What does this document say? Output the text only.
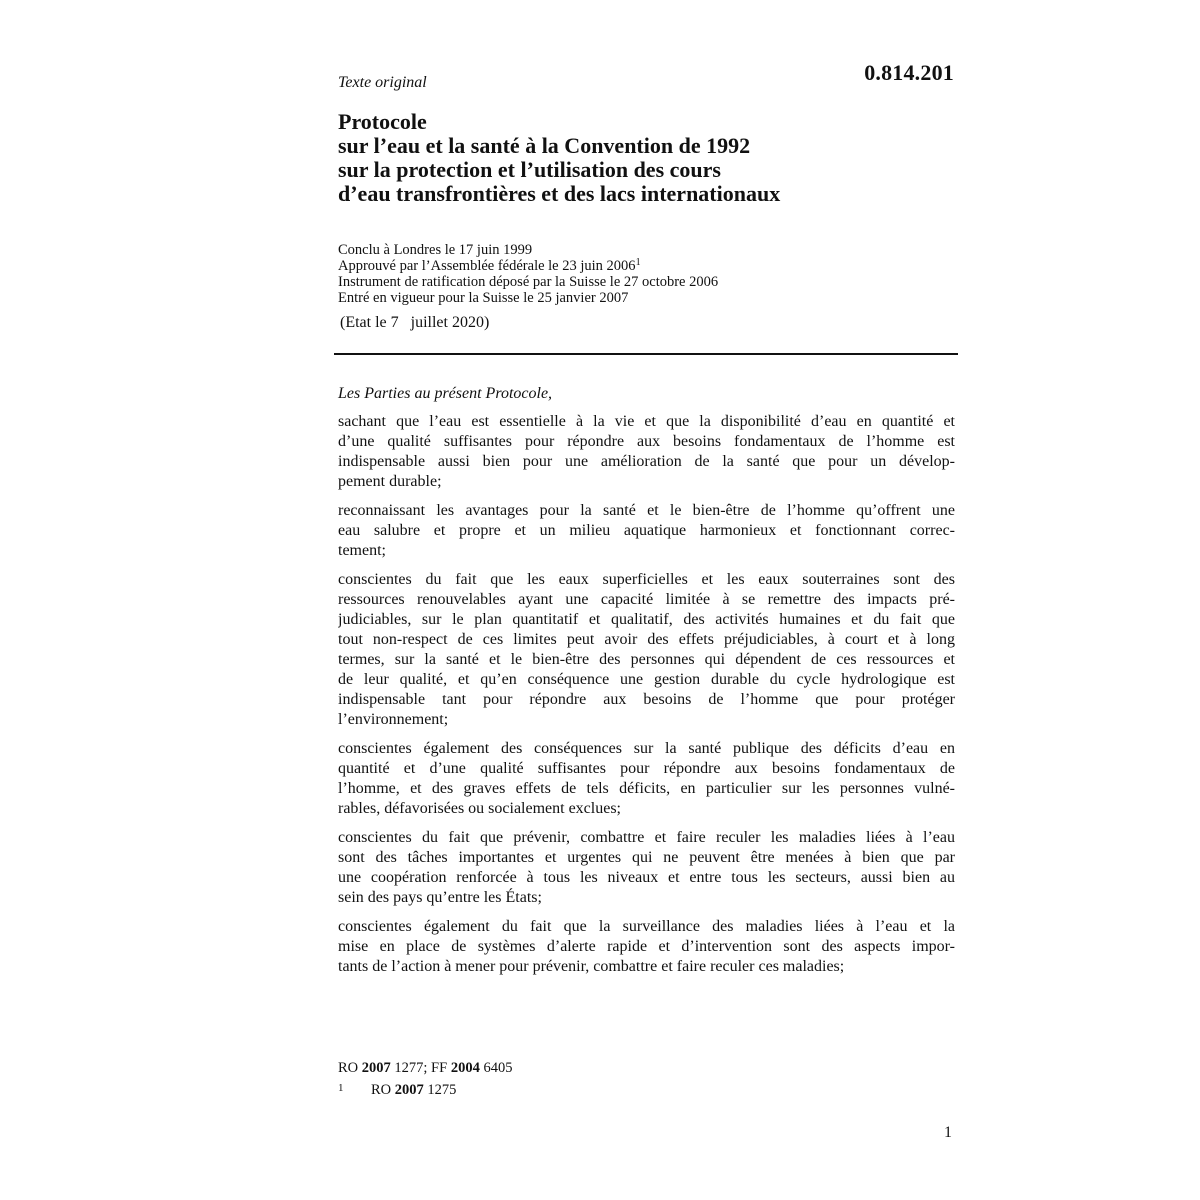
0.814.201
Texte original
Protocole
sur l’eau et la santé à la Convention de 1992
sur la protection et l’utilisation des cours
d’eau transfrontières et des lacs internationaux
Conclu à Londres le 17 juin 1999
Approuvé par l’Assemblée fédérale le 23 juin 2006$^1$
Instrument de ratification déposé par la Suisse le 27 octobre 2006
Entré en vigueur pour la Suisse le 25 janvier 2007
(Etat le 7   juillet 2020)
Les Parties au présent Protocole,
sachant que l’eau est essentielle à la vie et que la disponibilité d’eau en quantité et
d’une qualité suffisantes pour répondre aux besoins fondamentaux de l’homme est
indispensable aussi bien pour une amélioration de la santé que pour un dévelop-
pement durable;
reconnaissant les avantages pour la santé et le bien-être de l’homme qu’offrent une
eau salubre et propre et un milieu aquatique harmonieux et fonctionnant correc-
tement;
conscientes du fait que les eaux superficielles et les eaux souterraines sont des
ressources renouvelables ayant une capacité limitée à se remettre des impacts pré-
judiciables, sur le plan quantitatif et qualitatif, des activités humaines et du fait que
tout non-respect de ces limites peut avoir des effets préjudiciables, à court et à long
termes, sur la santé et le bien-être des personnes qui dépendent de ces ressources et
de leur qualité, et qu’en conséquence une gestion durable du cycle hydrologique est
indispensable tant pour répondre aux besoins de l’homme que pour protéger
l’environnement;
conscientes également des conséquences sur la santé publique des déficits d’eau en
quantité et d’une qualité suffisantes pour répondre aux besoins fondamentaux de
l’homme, et des graves effets de tels déficits, en particulier sur les personnes vulné-
rables, défavorisées ou socialement exclues;
conscientes du fait que prévenir, combattre et faire reculer les maladies liées à l’eau
sont des tâches importantes et urgentes qui ne peuvent être menées à bien que par
une coopération renforcée à tous les niveaux et entre tous les secteurs, aussi bien au
sein des pays qu’entre les États;
conscientes également du fait que la surveillance des maladies liées à l’eau et la
mise en place de systèmes d’alerte rapide et d’intervention sont des aspects impor-
tants de l’action à mener pour prévenir, combattre et faire reculer ces maladies;
RO 2007 1277; FF 2004 6405
1 RO 2007 1275
1
